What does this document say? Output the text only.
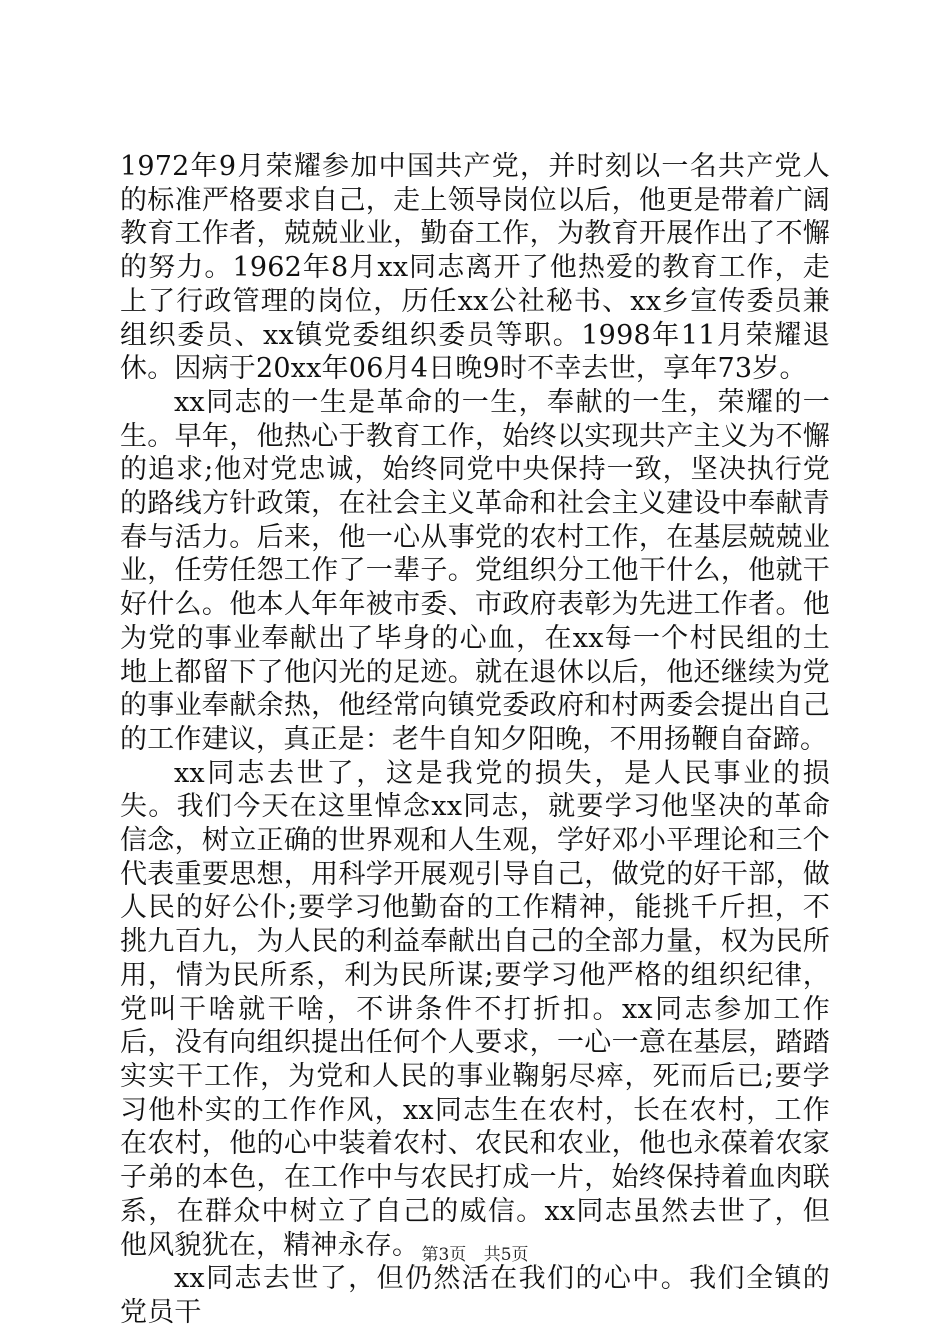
1972年9月荣耀参加中国共产党，并时刻以一名共产党人的标准严格要求自己，走上领导岗位以后，他更是带着广阔教育工作者，兢兢业业，勤奋工作，为教育开展作出了不懈的努力。1962年8月xx同志离开了他热爱的教育工作，走上了行政管理的岗位，历任xx公社秘书、xx乡宣传委员兼组织委员、xx镇党委组织委员等职。1998年11月荣耀退休。因病于20xx年06月4日晚9时不幸去世，享年73岁。

xx同志的一生是革命的一生，奉献的一生，荣耀的一生。早年，他热心于教育工作，始终以实现共产主义为不懈的追求;他对党忠诚，始终同党中央保持一致，坚决执行党的路线方针政策，在社会主义革命和社会主义建设中奉献青春与活力。后来，他一心从事党的农村工作，在基层兢兢业业，任劳任怨工作了一辈子。党组织分工他干什么，他就干好什么。他本人年年被市委、市政府表彰为先进工作者。他为党的事业奉献出了毕身的心血，在xx每一个村民组的土地上都留下了他闪光的足迹。就在退休以后，他还继续为党的事业奉献余热，他经常向镇党委政府和村两委会提出自己的工作建议，真正是：老牛自知夕阳晚，不用扬鞭自奋蹄。

xx同志去世了，这是我党的损失，是人民事业的损失。我们今天在这里悼念xx同志，就要学习他坚决的革命信念，树立正确的世界观和人生观，学好邓小平理论和三个代表重要思想，用科学开展观引导自己，做党的好干部，做人民的好公仆;要学习他勤奋的工作精神，能挑千斤担，不挑九百九，为人民的利益奉献出自己的全部力量，权为民所用，情为民所系，利为民所谋;要学习他严格的组织纪律，党叫干啥就干啥，不讲条件不打折扣。xx同志参加工作后，没有向组织提出任何个人要求，一心一意在基层，踏踏实实干工作，为党和人民的事业鞠躬尽瘁，死而后已;要学习他朴实的工作作风，xx同志生在农村，长在农村，工作在农村，他的心中装着农村、农民和农业，他也永葆着农家子弟的本色，在工作中与农民打成一片，始终保持着血肉联系，在群众中树立了自己的威信。xx同志虽然去世了，但他风貌犹在，精神永存。

xx同志去世了，但仍然活在我们的心中。我们全镇的党员干

第3页 共5页
